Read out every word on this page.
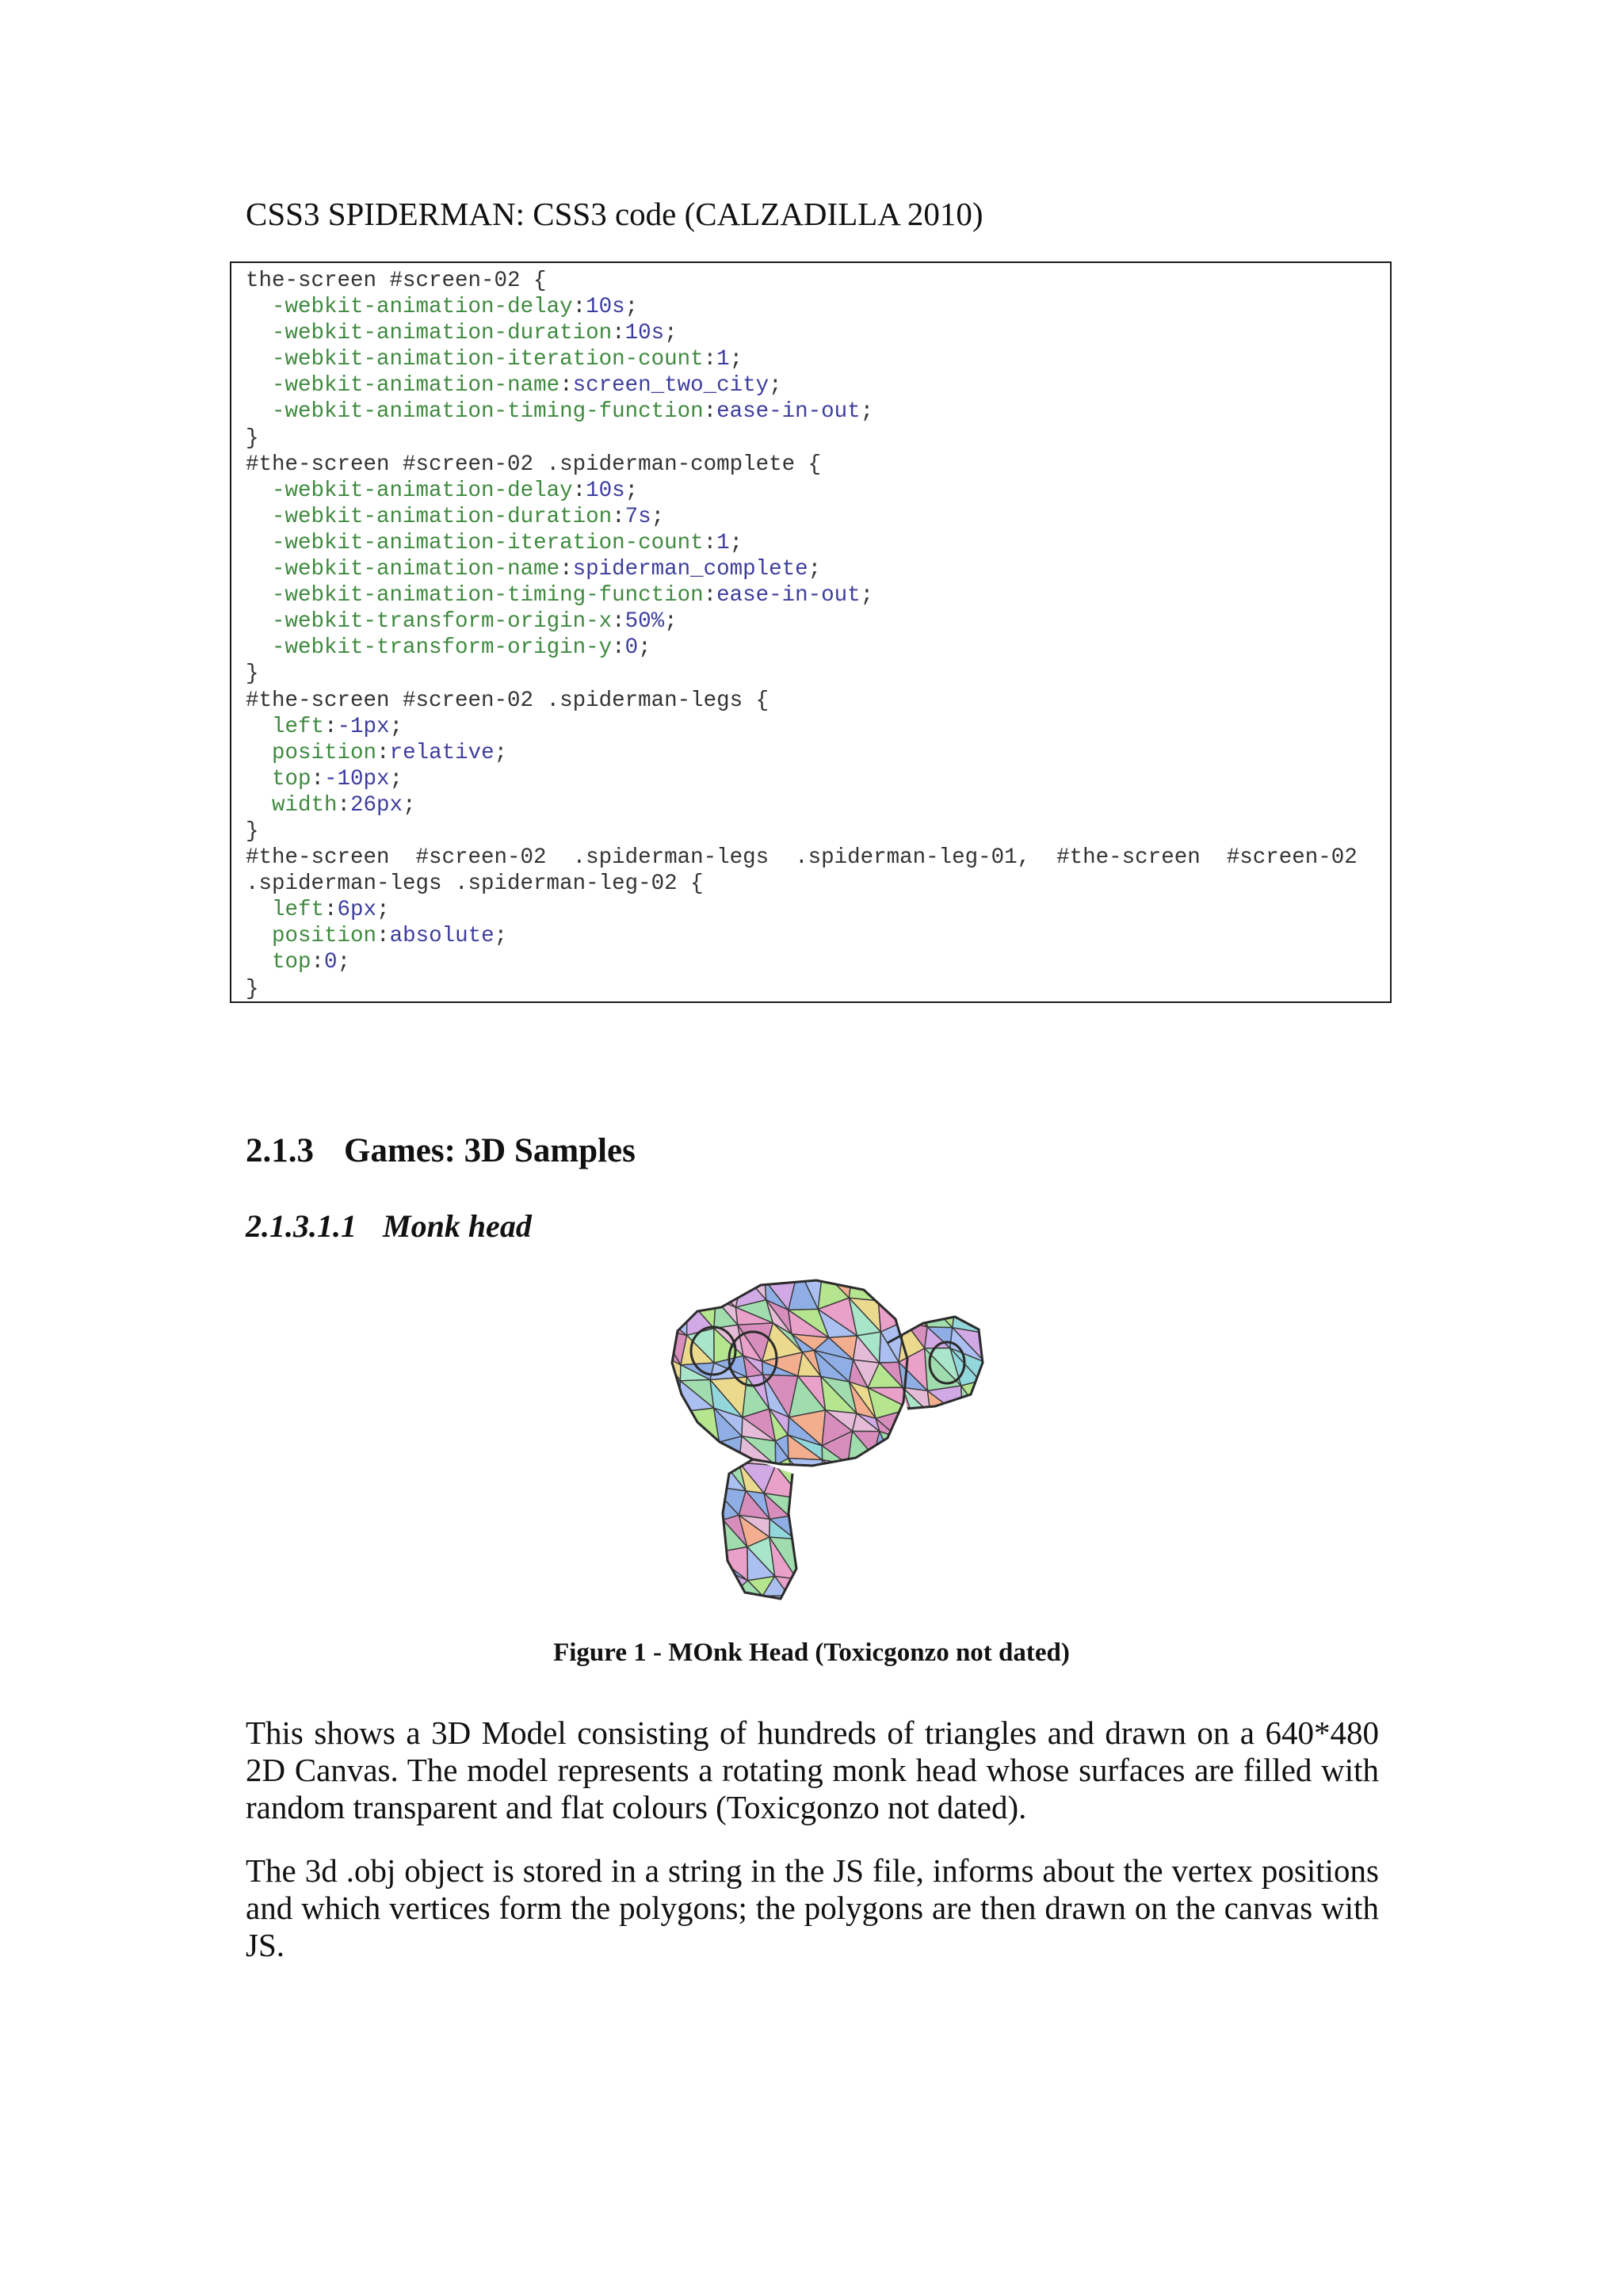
CSS3 SPIDERMAN: CSS3 code (CALZADILLA 2010)
the-screen #screen-02 {
-webkit-animation-delay:10s;
-webkit-animation-duration:10s;
-webkit-animation-iteration-count:1;
-webkit-animation-name:screen_two_city;
-webkit-animation-timing-function:ease-in-out;
}
#the-screen #screen-02 .spiderman-complete {
-webkit-animation-delay:10s;
-webkit-animation-duration:7s;
-webkit-animation-iteration-count:1;
-webkit-animation-name:spiderman_complete;
-webkit-animation-timing-function:ease-in-out;
-webkit-transform-origin-x:50%;
-webkit-transform-origin-y:0;
}
#the-screen #screen-02 .spiderman-legs {
left:-1px;
position:relative;
top:-10px;
width:26px;
}
#the-screen  #screen-02  .spiderman-legs  .spiderman-leg-01,  #the-screen  #screen-02
.spiderman-legs .spiderman-leg-02 {
left:6px;
position:absolute;
top:0;
}
2.1.3 Games: 3D Samples
2.1.3.1.1 Monk head
Figure 1 - MOnk Head (Toxicgonzo not dated)
This shows a 3D Model consisting of hundreds of triangles and drawn on a 640*480 2D Canvas. The model represents a rotating monk head whose surfaces are filled with random transparent and flat colours (Toxicgonzo not dated).
The 3d .obj object is stored in a string in the JS file, informs about the vertex positions and which vertices form the polygons; the polygons are then drawn on the canvas with JS.
